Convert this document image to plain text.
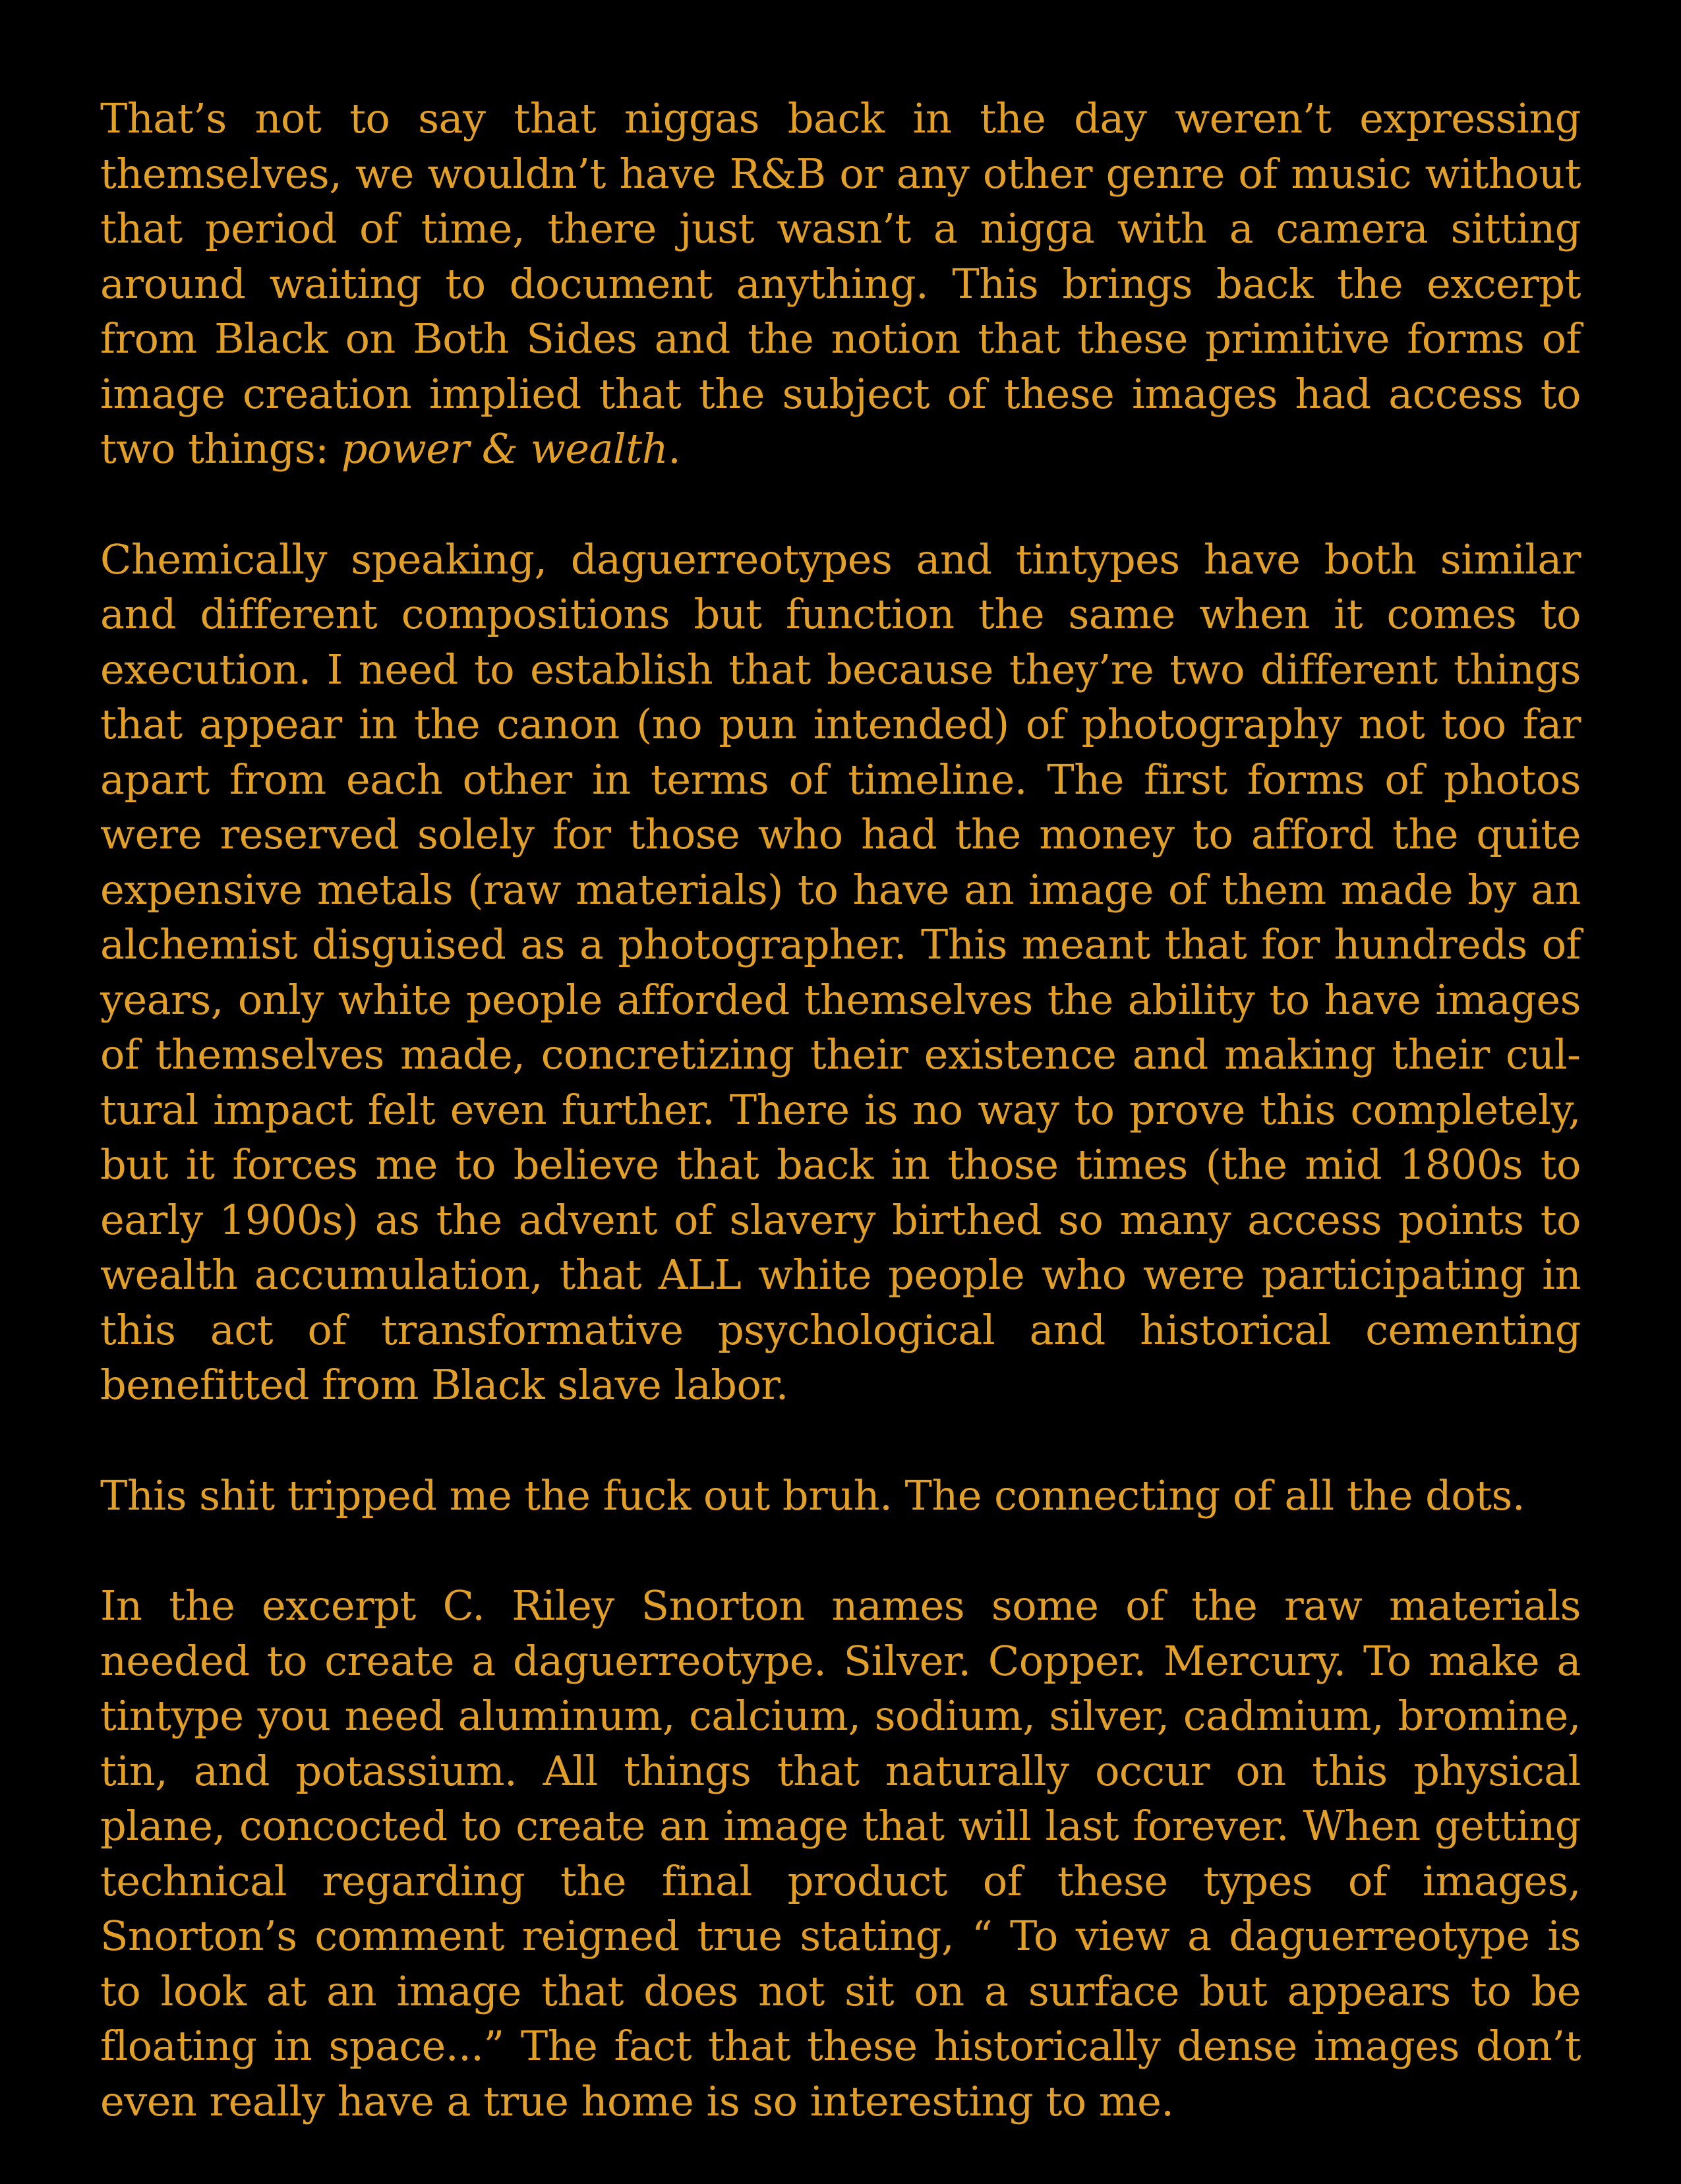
That’s not to say that niggas back in the day weren’t expressing themselves, we wouldn’t have R&B or any other genre of music without that period of time, there just wasn’t a nigga with a camera sitting around waiting to document anything. This brings back the excerpt from Black on Both Sides and the notion that these primitive forms of image creation implied that the subject of these images had access to two things: power & wealth.

Chemically speaking, daguerreotypes and tintypes have both similar and different compositions but function the same when it comes to execution. I need to establish that because they’re two different things that appear in the canon (no pun intended) of photography not too far apart from each other in terms of timeline. The first forms of photos were reserved solely for those who had the money to afford the quite expensive metals (raw materials) to have an image of them made by an alchemist disguised as a photographer. This meant that for hundreds of years, only white people afforded themselves the ability to have images of themselves made, concretizing their existence and making their cultural impact felt even further. There is no way to prove this completely, but it forces me to believe that back in those times (the mid 1800s to early 1900s) as the advent of slavery birthed so many access points to wealth accumulation, that ALL white people who were participating in this act of transformative psychological and historical cementing benefitted from Black slave labor.

This shit tripped me the fuck out bruh. The connecting of all the dots.

In the excerpt C. Riley Snorton names some of the raw materials needed to create a daguerreotype. Silver. Copper. Mercury. To make a tintype you need aluminum, calcium, sodium, silver, cadmium, bromine, tin, and potassium. All things that naturally occur on this physical plane, concocted to create an image that will last forever. When getting technical regarding the final product of these types of images, Snorton’s comment reigned true stating, “ To view a daguerreotype is to look at an image that does not sit on a surface but appears to be floating in space...” The fact that these historically dense images don’t even really have a true home is so interesting to me.
